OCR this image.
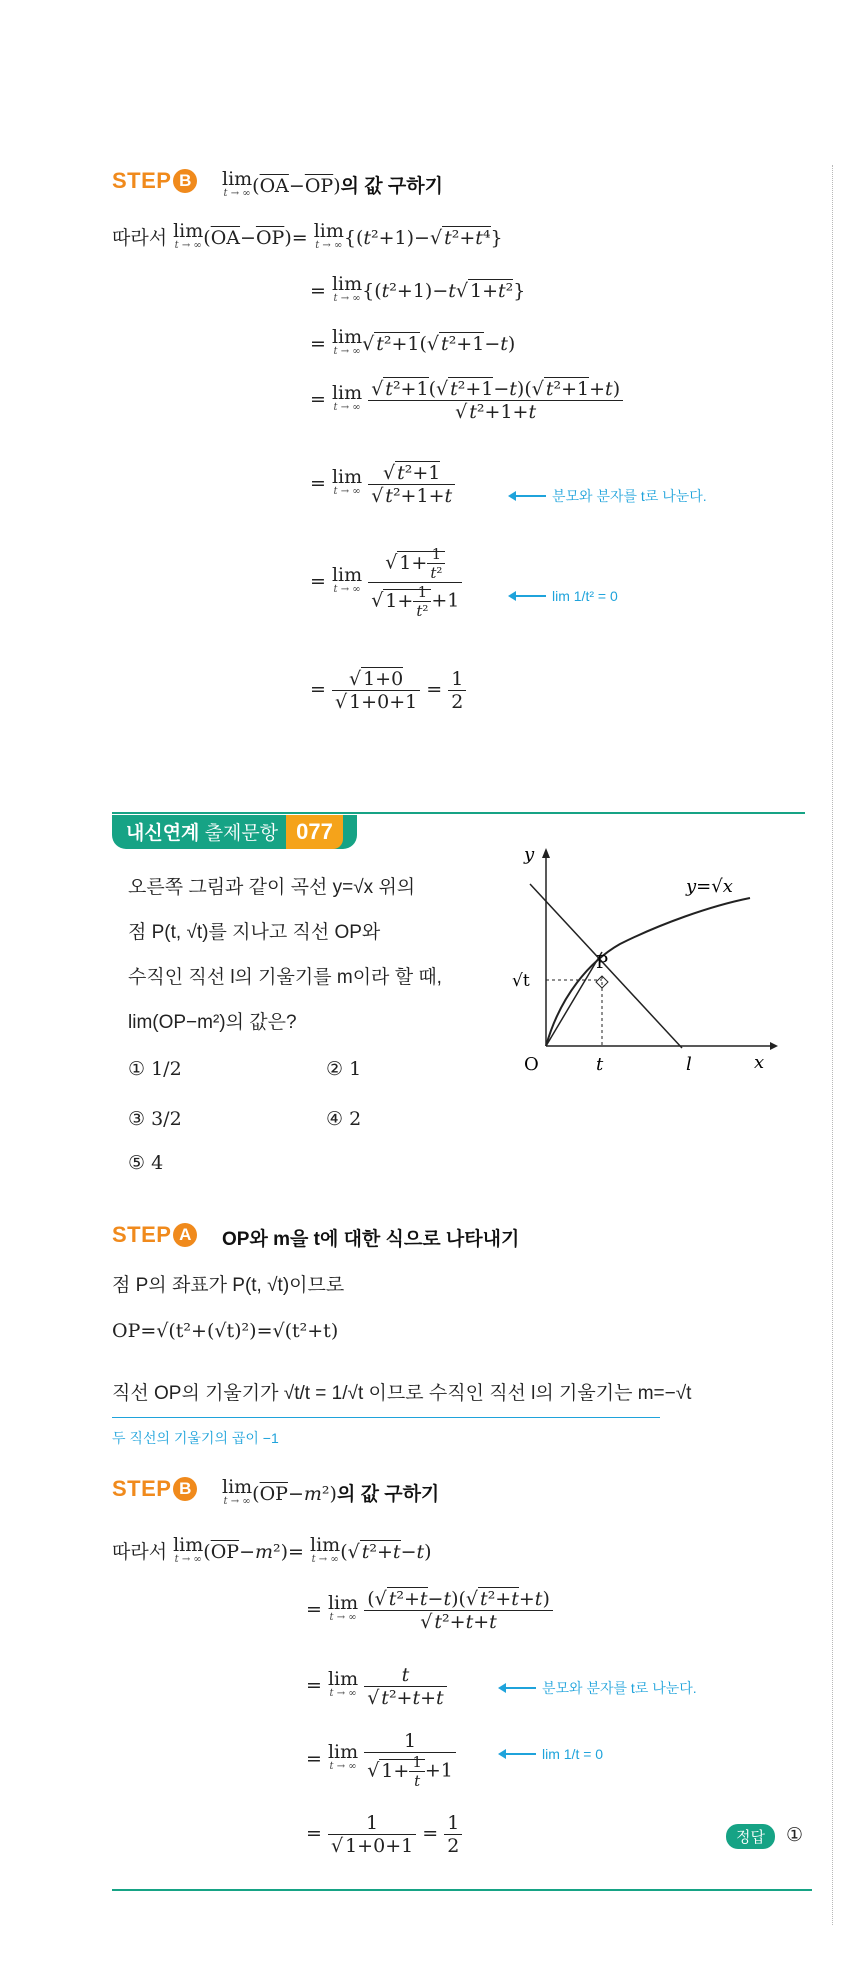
STEP B lim
t → ∞ $(\overline{OA}-\overline{OP})$의 값 구하기
따라서 lim
t → ∞ $(\overline{OA}-\overline{OP})= \lim$
t → ∞ {(t²+1)−√ t²+t⁴}
= lim
t → ∞ {(t²+1)−t√ 1+t²}
= lim
t → ∞ √ t²+1(√ t²+1−t)
= lim
t → ∞
$\frac{\text{√ t²+1(√ t²+1−t)(√ t²+1+t)}}{\text{√ t²+1+t}}$
= lim
t → ∞
$\frac{\text{√ t²+1}}{\text{√ t²+1+t}}$	분모와 분자를 t로 나눈다.
= lim
t → ∞
$\frac{√ 1+ \frac{1}{\text{t²}}}{√ 1+ \frac{1}{\text{t²}} +1}$	lim 1/t² = 0
= $\frac{√ 1+0}{√ 1+0+1} = \frac{1}{2}$
내신연계 출제문항 077
오른쪽 그림과 같이 곡선 y=√x 위의
점 P(t, √t)를 지나고 직선 OP와
수직인 직선 l의 기울기를 m이라 할 때,
lim(OP−m²)의 값은?
① 1/2	② 1
③ 3/2	④ 2
⑤ 4
y
x
O
P
t
√t
l
y=√x
STEP A OP와 m을 t에 대한 식으로 나타내기
점 P의 좌표가 P(t, √t)이므로
OP=√(t²+(√t)²)=√(t²+t)
직선 OP의 기울기가 √t/t = 1/√t 이므로 수직인 직선 l의 기울기는 m=−√t
두 직선의 기울기의 곱이 −1
STEP B lim
t → ∞ $(\overline{OP}-m^2)$의 값 구하기
따라서 lim
t → ∞ $(\overline{OP}-m^2)= \lim$
t → ∞ (√ t²+t−t)
= lim
t → ∞
$\frac{\text{(√ t²+t−t)(√ t²+t+t)}}{\text{√ t²+t+t}}$
= lim
t → ∞
$\frac{t}{\text{√ t²+t+t}}$	분모와 분자를 t로 나눈다.
= lim
t → ∞
$\frac{1}{√ 1+ \frac{1}{t} +1}$	lim 1/t = 0
= $\frac{1}{√ 1+0+1} = \frac{1}{2}$	정답	①
